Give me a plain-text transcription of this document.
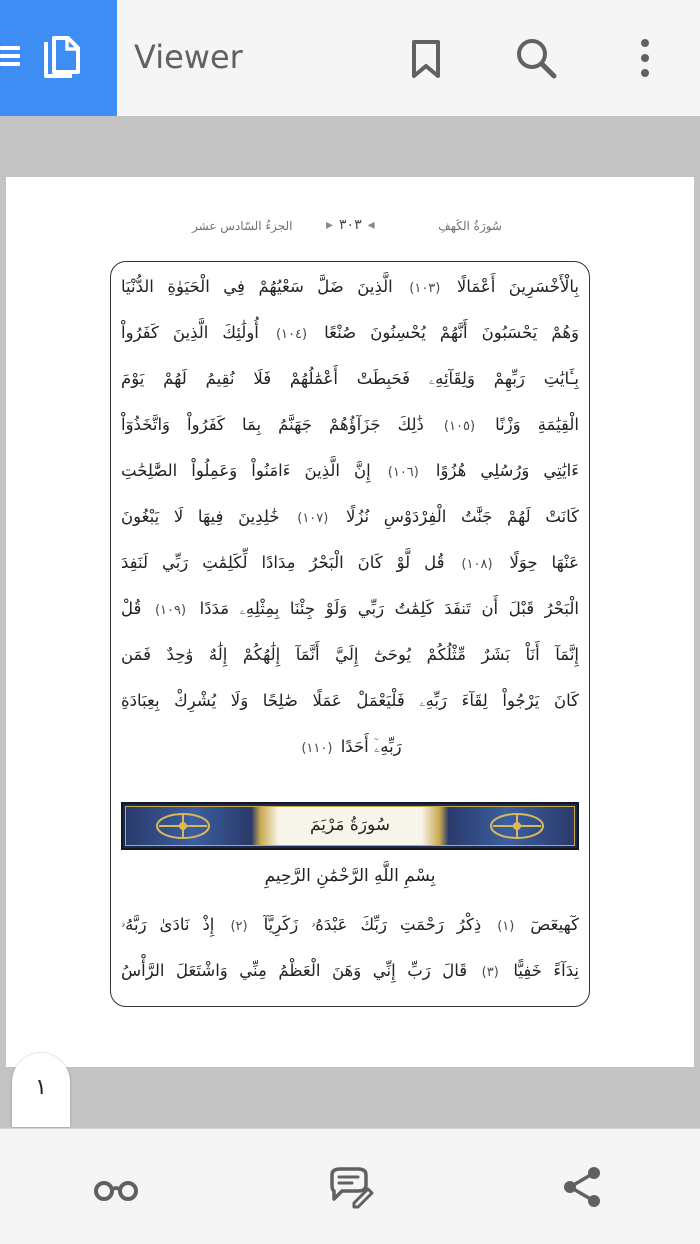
Viewer
سُورَةُ الكَهفِ
◂ ٣٠٣ ▸
الجزءُ السّادس عشر
بِالْأَخْسَرِينَ أَعْمَالًا (١٠٣) الَّذِينَ ضَلَّ سَعْيُهُمْ فِي الْحَيَوٰةِ الدُّنْيَا
وَهُمْ يَحْسَبُونَ أَنَّهُمْ يُحْسِنُونَ صُنْعًا (١٠٤) أُولَٰئِكَ الَّذِينَ كَفَرُواْ
بِـَٔايَٰتِ رَبِّهِمْ وَلِقَآئِهِۦ فَحَبِطَتْ أَعْمَٰلُهُمْ فَلَا نُقِيمُ لَهُمْ يَوْمَ
الْقِيَٰمَةِ وَزْنًا (١٠٥) ذَٰلِكَ جَزَآؤُهُمْ جَهَنَّمُ بِمَا كَفَرُواْ وَاتَّخَذُوٓاْ
ءَايَٰتِي وَرُسُلِي هُزُوًا (١٠٦) إِنَّ الَّذِينَ ءَامَنُواْ وَعَمِلُواْ الصَّٰلِحَٰتِ
كَانَتْ لَهُمْ جَنَّٰتُ الْفِرْدَوْسِ نُزُلًا (١٠٧) خَٰلِدِينَ فِيهَا لَا يَبْغُونَ
عَنْهَا حِوَلًا (١٠٨) قُل لَّوْ كَانَ الْبَحْرُ مِدَادًا لِّكَلِمَٰتِ رَبِّي لَنَفِدَ
الْبَحْرُ قَبْلَ أَن تَنفَدَ كَلِمَٰتُ رَبِّي وَلَوْ جِئْنَا بِمِثْلِهِۦ مَدَدًا (١٠٩) قُلْ
إِنَّمَآ أَنَاْ بَشَرٌ مِّثْلُكُمْ يُوحَىٰٓ إِلَيَّ أَنَّمَآ إِلَٰهُكُمْ إِلَٰهٌ وَٰحِدٌ فَمَن
كَانَ يَرْجُواْ لِقَآءَ رَبِّهِۦ فَلْيَعْمَلْ عَمَلًا صَٰلِحًا وَلَا يُشْرِكْ بِعِبَادَةِ
رَبِّهِۦٓ أَحَدًا (١١٠)
سُورَةُ مَرْيَمَ
بِسْمِ اللَّهِ الرَّحْمَٰنِ الرَّحِيمِ
كٓهيعٓصٓ (١) ذِكْرُ رَحْمَتِ رَبِّكَ عَبْدَهُۥ زَكَرِيَّآ (٢) إِذْ نَادَىٰ رَبَّهُۥ
نِدَآءً خَفِيًّا (٣) قَالَ رَبِّ إِنِّي وَهَنَ الْعَظْمُ مِنِّي وَاشْتَعَلَ الرَّأْسُ
١
